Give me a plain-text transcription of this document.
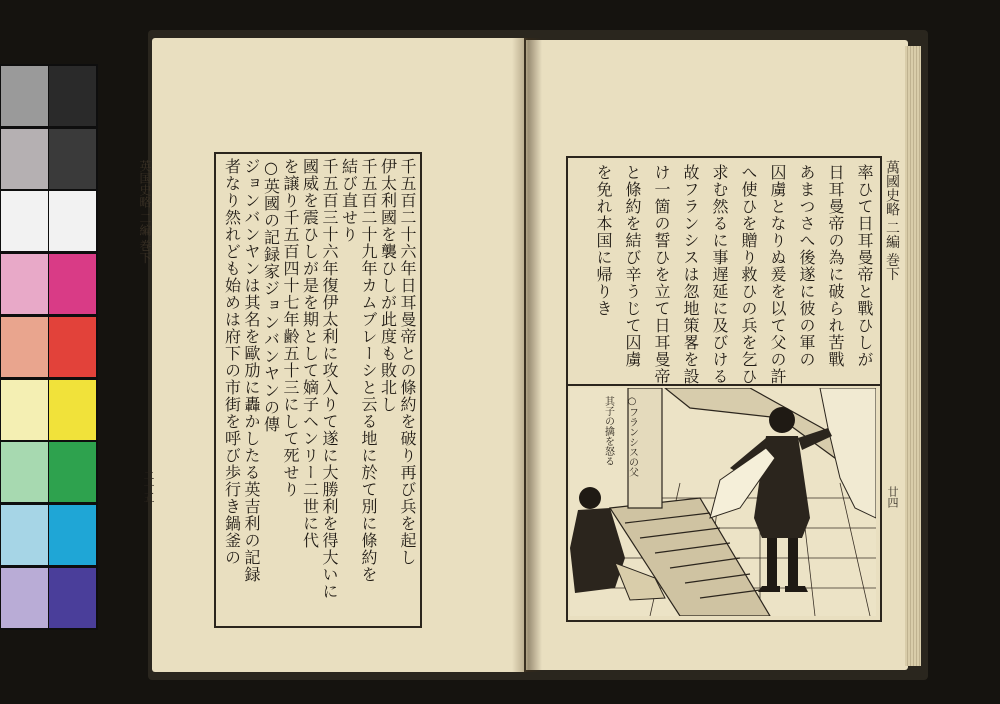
英国史略 二編 巻下
二十五	千五百二十六年日耳曼帝との條約を破り再び兵を起し
伊太利國を襲ひしが此度も敗北し
千五百二十九年カムブレーシと云る地に於て別に條約を
結び直せり
千五百三十六年復伊太利に攻入りて遂に大勝利を得大いに
國威を震ひしが是を期として嫡子ヘンリー二世に代
を譲り千五百四十七年齢五十三にして死せり
○英國の記録家ジョンバンヤンの傳
ジョンバンヤンは其名を歐劢に轟かしたる英吉利の記録
者なり然れども始めは府下の市街を呼び歩行き鍋釜の	萬國史略 二編 巻下
廿四
率ひて日耳曼帝と戰ひしが
日耳曼帝の為に破られ苦戰
あまつさへ後遂に彼の軍の
囚虜となりぬ爰を以て父の許
へ使ひを贈り救ひの兵を乞ひ
求む然るに事遅延に及びける
故フランシスは忽地策畧を設
け一箇の誓ひを立て日耳曼帝
と條約を結び辛うじて囚虜
を免れ本国に帰りき
○フランシスの父
其子の擒を怒る
